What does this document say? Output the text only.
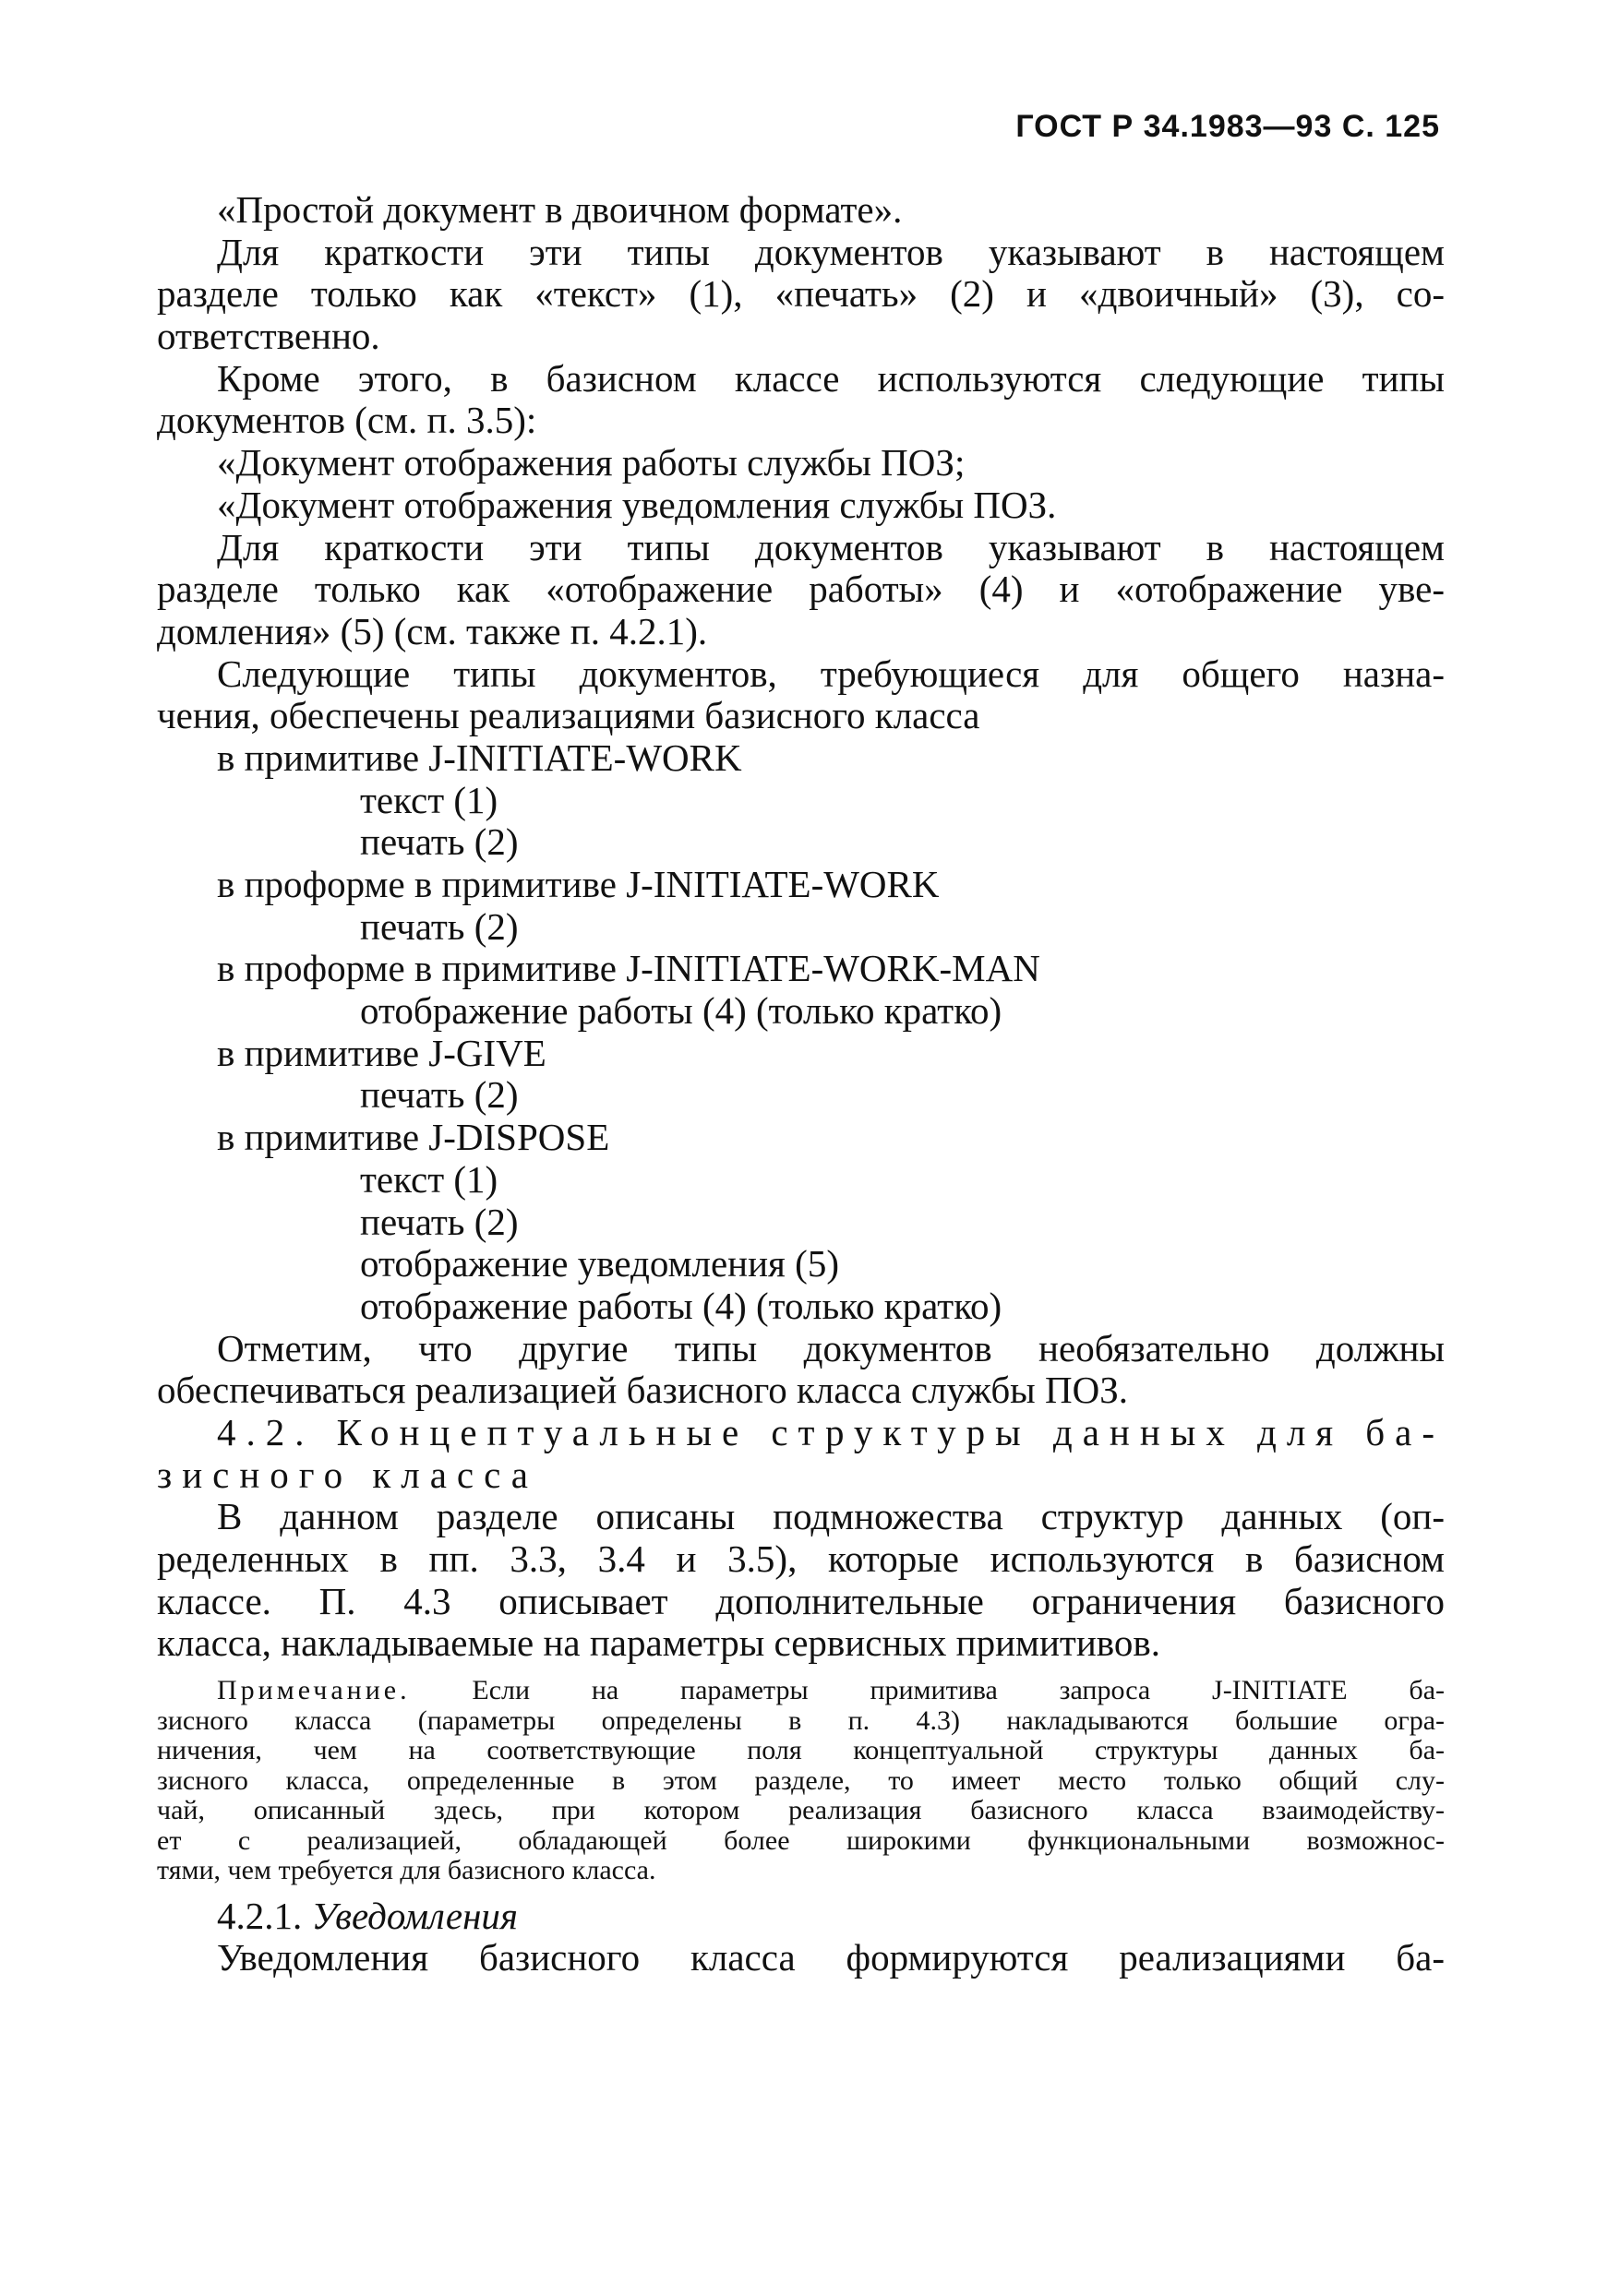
ГОСТ Р 34.1983—93 С. 125
«Простой документ в двоичном формате».
Для краткости эти типы документов указывают в настоящем
разделе только как «текст» (1), «печать» (2) и «двоичный» (3), со-
ответственно.
Кроме этого, в базисном классе используются следующие типы
документов (см. п. 3.5):
«Документ отображения работы службы ПОЗ;
«Документ отображения уведомления службы ПОЗ.
Для краткости эти типы документов указывают в настоящем
разделе только как «отображение работы» (4) и «отображение уве-
домления» (5) (см. также п. 4.2.1).
Следующие типы документов, требующиеся для общего назна-
чения, обеспечены реализациями базисного класса
в примитиве J-INITIATE-WORK
текст (1)
печать (2)
в проформе в примитиве J-INITIATE-WORK
печать (2)
в проформе в примитиве J-INITIATE-WORK-MAN
отображение работы (4) (только кратко)
в примитиве J-GIVE
печать (2)
в примитиве J-DISPOSE
текст (1)
печать (2)
отображение уведомления (5)
отображение работы (4) (только кратко)
Отметим, что другие типы документов необязательно должны
обеспечиваться реализацией базисного класса службы ПОЗ.
4.2. Концептуальные структуры данных для ба-
зисного класса
В данном разделе описаны подмножества структур данных (оп-
ределенных в пп. 3.3, 3.4 и 3.5), которые используются в базисном
классе. П. 4.3 описывает дополнительные ограничения базисного
класса, накладываемые на параметры сервисных примитивов.
Примечание. Если на параметры примитива запроса J-INITIATE ба-
зисного класса (параметры определены в п. 4.3) накладываются большие огра-
ничения, чем на соответствующие поля концептуальной структуры данных ба-
зисного класса, определенные в этом разделе, то имеет место только общий слу-
чай, описанный здесь, при котором реализация базисного класса взаимодейству-
ет с реализацией, обладающей более широкими функциональными возможнос-
тями, чем требуется для базисного класса.
4.2.1. Уведомления
Уведомления базисного класса формируются реализациями ба-
